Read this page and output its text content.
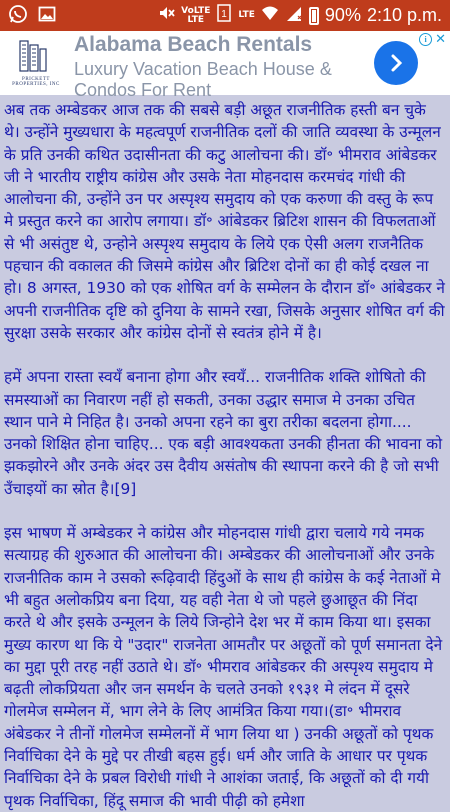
VoLTE
LTE	1 LTE	90% 2:10 p.m.
PRICKETT PROPERTIES, INC
Alabama Beach Rentals
Luxury Vacation Beach House & Condos For Rent
i ✕

अब तक अम्बेडकर आज तक की सबसे बड़ी अछूत राजनीतिक हस्ती बन चुके थे। उन्होंने मुख्यधारा के महत्वपूर्ण राजनीतिक दलों की जाति व्यवस्था के उन्मूलन के प्रति उनकी कथित उदासीनता की कटु आलोचना की। डॉ॰ भीमराव आंबेडकर जी ने भारतीय राष्ट्रीय कांग्रेस और उसके नेता मोहनदास करमचंद गांधी की आलोचना की, उन्होंने उन पर अस्पृश्य समुदाय को एक करुणा की वस्तु के रूप मे प्रस्तुत करने का आरोप लगाया। डॉ॰ आंबेडकर ब्रिटिश शासन की विफलताओं से भी असंतुष्ट थे, उन्होने अस्पृश्य समुदाय के लिये एक ऐसी अलग राजनैतिक पहचान की वकालत की जिसमे कांग्रेस और ब्रिटिश दोनों का ही कोई दखल ना हो। 8 अगस्त, 1930 को एक शोषित वर्ग के सम्मेलन के दौरान डॉ॰ आंबेडकर ने अपनी राजनीतिक दृष्टि को दुनिया के सामने रखा, जिसके अनुसार शोषित वर्ग की सुरक्षा उसके सरकार और कांग्रेस दोनों से स्वतंत्र होने में है।

हमें अपना रास्ता स्वयँ बनाना होगा और स्वयँ... राजनीतिक शक्ति शोषितो की समस्याओं का निवारण नहीं हो सकती, उनका उद्धार समाज मे उनका उचित स्थान पाने मे निहित है। उनको अपना रहने का बुरा तरीका बदलना होगा.... उनको शिक्षित होना चाहिए... एक बड़ी आवश्यकता उनकी हीनता की भावना को झकझोरने और उनके अंदर उस दैवीय असंतोष की स्थापना करने की है जो सभी उँचाइयों का स्रोत है।[9]

इस भाषण में अम्बेडकर ने कांग्रेस और मोहनदास गांधी द्वारा चलाये गये नमक सत्याग्रह की शुरुआत की आलोचना की। अम्बेडकर की आलोचनाओं और उनके राजनीतिक काम ने उसको रूढ़िवादी हिंदुओं के साथ ही कांग्रेस के कई नेताओं मे भी बहुत अलोकप्रिय बना दिया, यह वही नेता थे जो पहले छुआछूत की निंदा करते थे और इसके उन्मूलन के लिये जिन्होने देश भर में काम किया था। इसका मुख्य कारण था कि ये "उदार" राजनेता आमतौर पर अछूतों को पूर्ण समानता देने का मुद्दा पूरी तरह नहीं उठाते थे। डॉ॰ भीमराव आंबेडकर की अस्पृश्य समुदाय मे बढ़ती लोकप्रियता और जन समर्थन के चलते उनको १९३१ मे लंदन में दूसरे गोलमेज सम्मेलन में, भाग लेने के लिए आमंत्रित किया गया।(डा॰ भीमराव अंबेडकर ने तीनों गोलमेज सम्मेलनों में भाग लिया था ) उनकी अछूतों को पृथक निर्वाचिका देने के मुद्दे पर तीखी बहस हुई। धर्म और जाति के आधार पर पृथक निर्वाचिका देने के प्रबल विरोधी गांधी ने आशंका जताई, कि अछूतों को दी गयी पृथक निर्वाचिका, हिंदू समाज की भावी पीढ़ी को हमेशा
